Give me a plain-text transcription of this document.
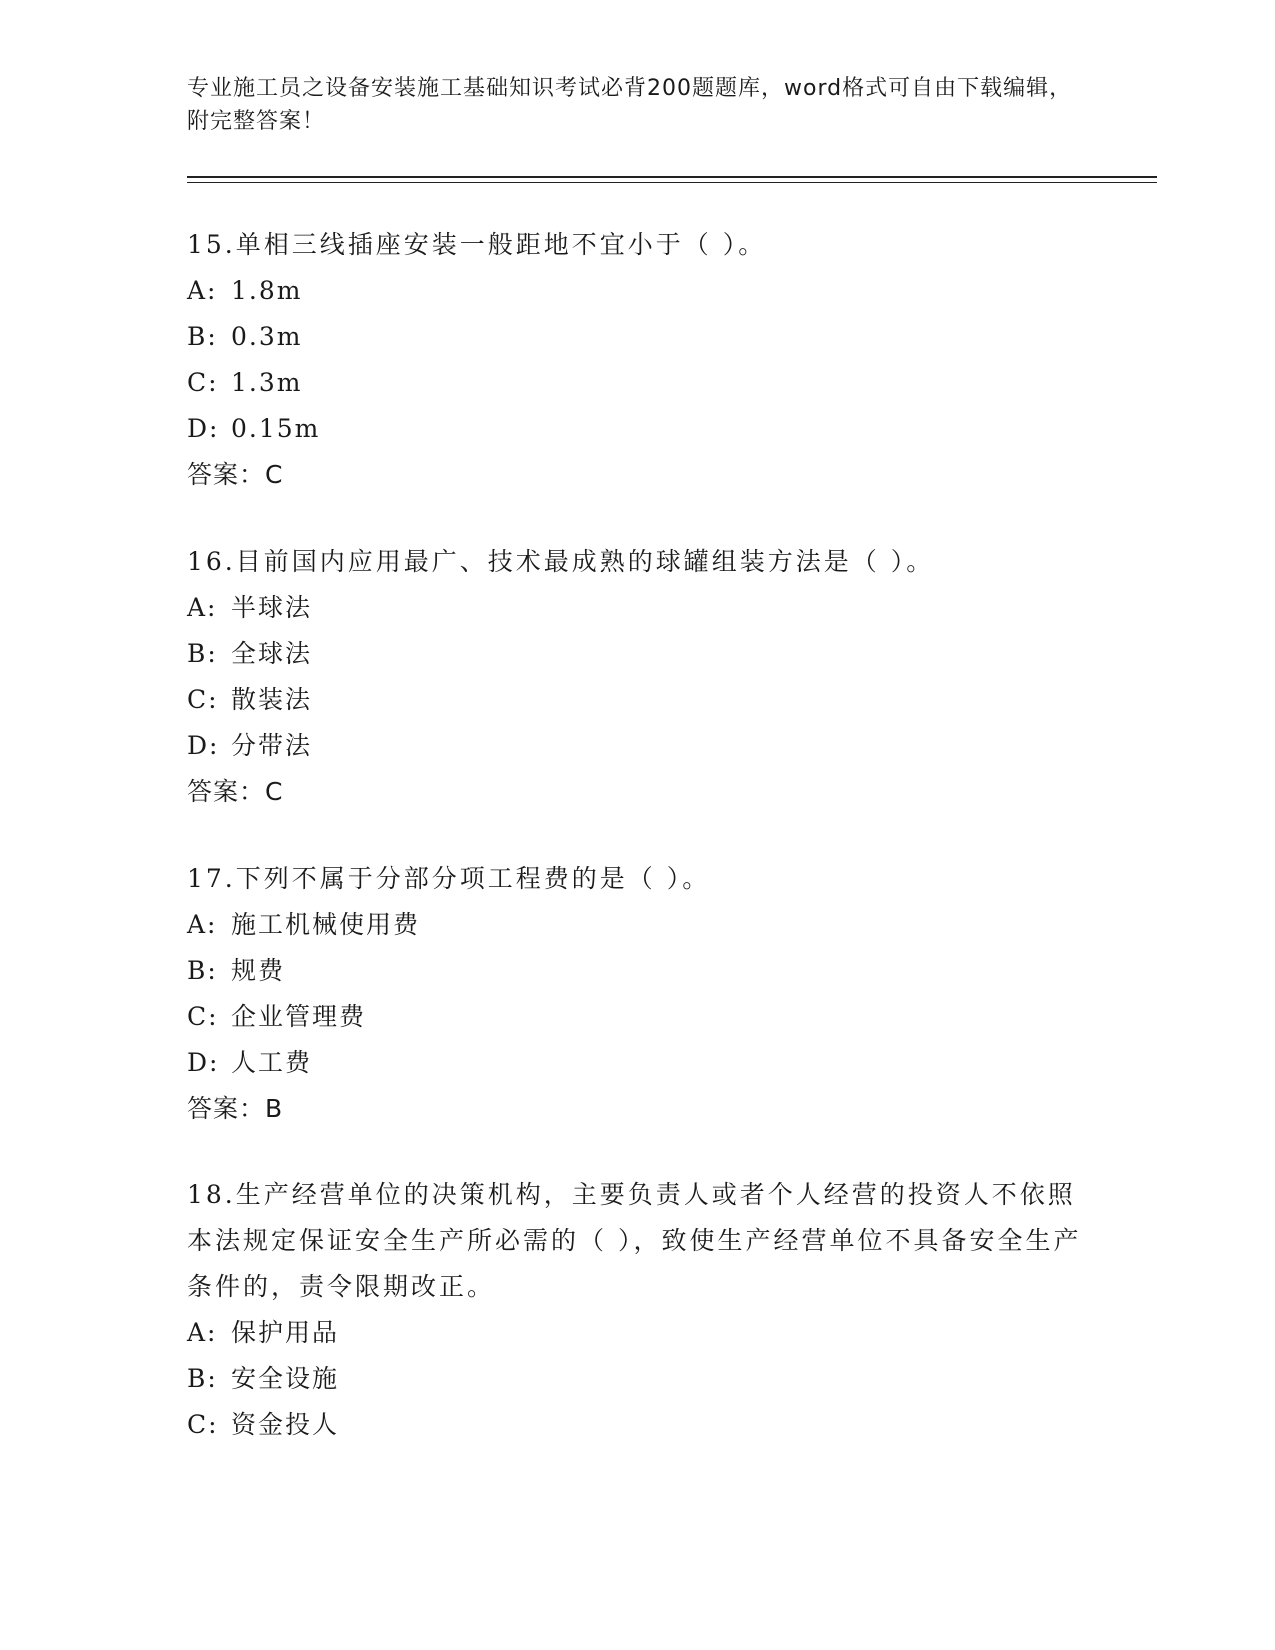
专业施工员之设备安装施工基础知识考试必背200题题库，word格式可自由下载编辑，附完整答案！

15.单相三线插座安装一般距地不宜小于（ ）。

A: 1.8m

B: 0.3m

C: 1.3m

D: 0.15m

答案：C

16.目前国内应用最广、技术最成熟的球罐组装方法是（ ）。

A: 半球法

B: 全球法

C: 散装法

D: 分带法

答案：C

17.下列不属于分部分项工程费的是（ ）。

A: 施工机械使用费

B: 规费

C: 企业管理费

D: 人工费

答案：B

18.生产经营单位的决策机构，主要负责人或者个人经营的投资人不依照本法规定保证安全生产所必需的（ ），致使生产经营单位不具备安全生产条件的，责令限期改正。

A: 保护用品

B: 安全设施

C: 资金投人
